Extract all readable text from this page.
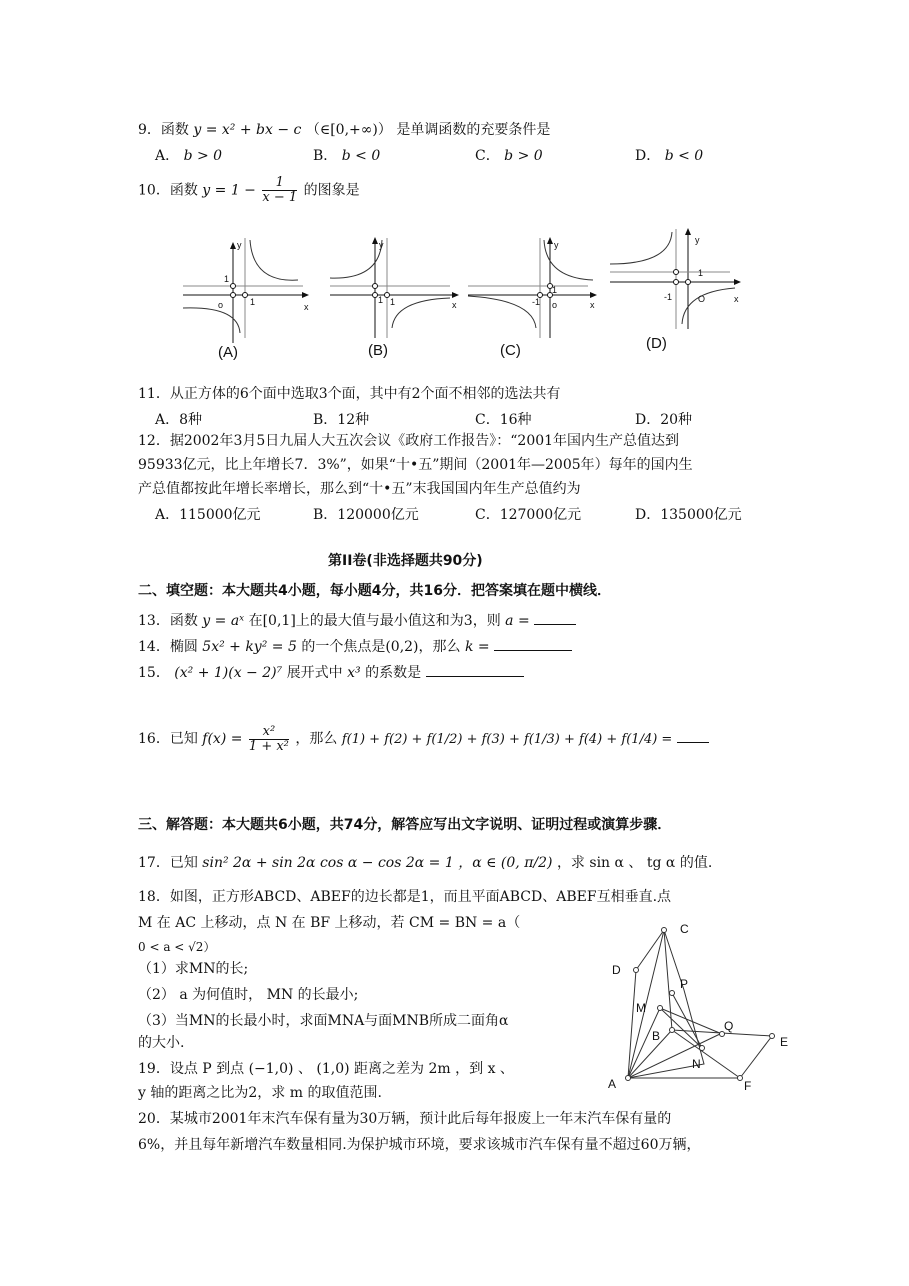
9．函数 y = x² + bx − c （∈[0,+∞)） 是单调函数的充要条件是
A． b > 0	B． b < 0	C． b > 0	D． b < 0
10．函数 $y = 1 - \frac{1}{x - 1}$ 的图象是
y
x
1
1
o
y
x
1 1
y
x
1
-1 o
y
x
1
-1	O
(A)	(B)	(C)	(D)
11．从正方体的6个面中选取3个面，其中有2个面不相邻的选法共有
A．8种	B．12种	C．16种	D．20种
12．据2002年3月5日九届人大五次会议《政府工作报告》：“2001年国内生产总值达到
95933亿元，比上年增长7．3%”，如果“十•五”期间（2001年—2005年）每年的国内生
产总值都按此年增长率增长，那么到“十•五”末我国国内年生产总值约为
A．115000亿元	B．120000亿元	C．127000亿元	D．135000亿元
第II卷(非选择题共90分)
二、填空题：本大题共4小题，每小题4分，共16分．把答案填在题中横线．
13．函数 y = aˣ 在[0,1]上的最大值与最小值这和为3，则 a =
14．椭圆 5x² + ky² = 5 的一个焦点是(0,2)，那么 k =
15． (x² + 1)(x − 2)⁷ 展开式中 x³ 的系数是
16．已知 $f(x) = \frac{\text{x²}}{\text{1 + x²}}$ ，那么 f(1) + f(2) + f(1/2) + f(3) + f(1/3) + f(4) + f(1/4) =
三、解答题：本大题共6小题，共74分，解答应写出文字说明、证明过程或演算步骤．
17．已知 sin² 2α + sin 2α cos α − cos 2α = 1 ，α ∈ (0, π/2) ，求 sin α 、 tg α 的值.
18．如图，正方形ABCD、ABEF的边长都是1，而且平面ABCD、ABEF互相垂直.点
M 在 AC 上移动，点 N 在 BF 上移动，若 CM = BN = a（
0 < a < √2）
（1）求MN的长;
（2） a 为何值时， MN 的长最小;
（3）当MN的长最小时，求面MNA与面MNB所成二面角α
的大小.
C
D
P
M
Q
B	E
N
A	F
19．设点 P 到点 (−1,0) 、 (1,0) 距离之差为 2m ，到 x 、
y 轴的距离之比为2，求 m 的取值范围.
20．某城市2001年末汽车保有量为30万辆，预计此后每年报废上一年末汽车保有量的
6%，并且每年新增汽车数量相同.为保护城市环境，要求该城市汽车保有量不超过60万辆，
